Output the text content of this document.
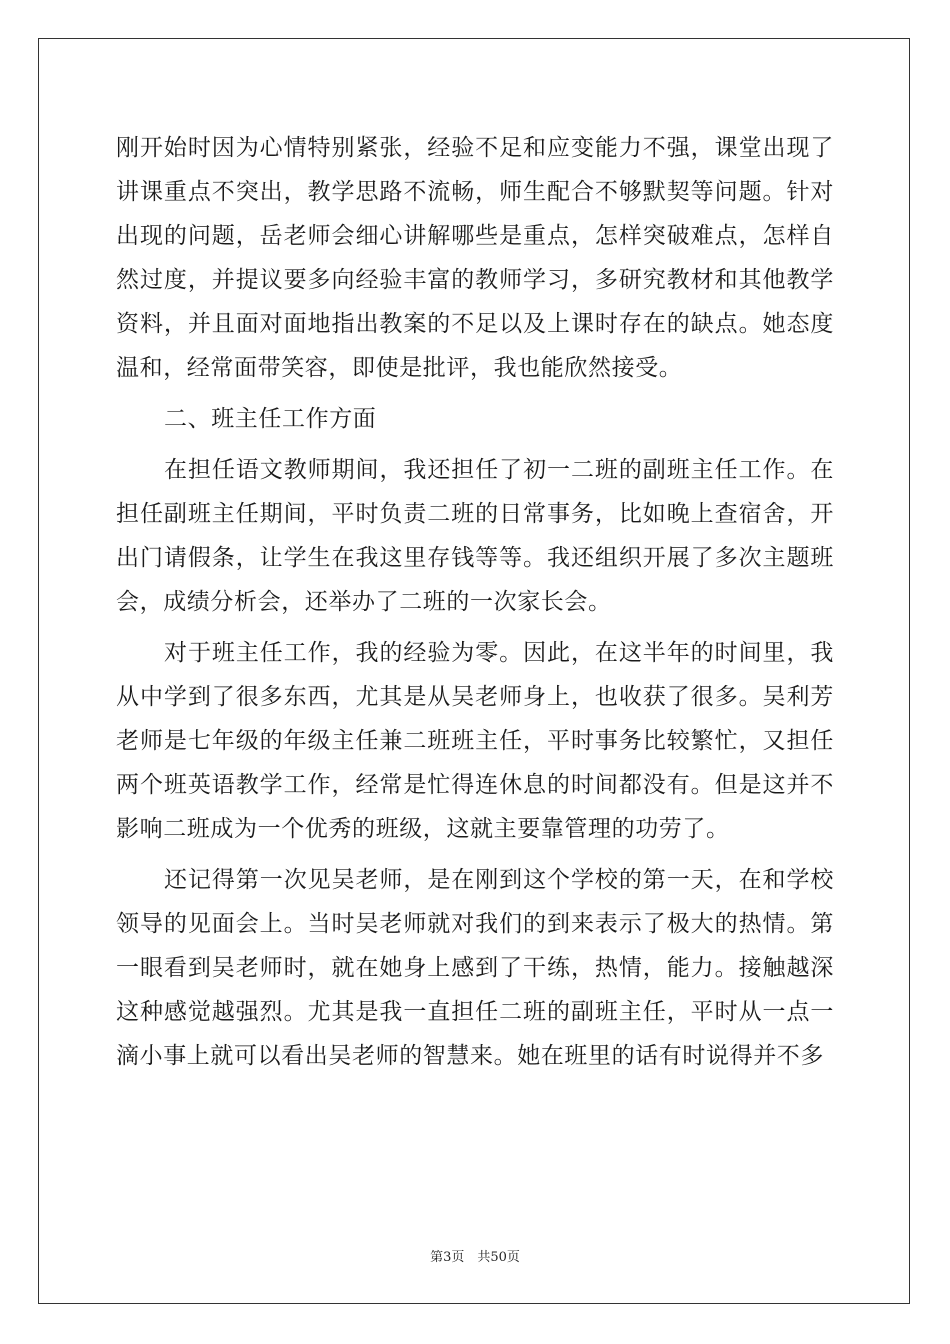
刚开始时因为心情特别紧张，经验不足和应变能力不强，课堂出现了讲课重点不突出，教学思路不流畅，师生配合不够默契等问题。针对出现的问题，岳老师会细心讲解哪些是重点，怎样突破难点，怎样自然过度，并提议要多向经验丰富的教师学习，多研究教材和其他教学资料，并且面对面地指出教案的不足以及上课时存在的缺点。她态度温和，经常面带笑容，即使是批评，我也能欣然接受。

二、班主任工作方面

在担任语文教师期间，我还担任了初一二班的副班主任工作。在担任副班主任期间，平时负责二班的日常事务，比如晚上查宿舍，开出门请假条，让学生在我这里存钱等等。我还组织开展了多次主题班会，成绩分析会，还举办了二班的一次家长会。

对于班主任工作，我的经验为零。因此，在这半年的时间里，我从中学到了很多东西，尤其是从吴老师身上，也收获了很多。吴利芳老师是七年级的年级主任兼二班班主任，平时事务比较繁忙，又担任两个班英语教学工作，经常是忙得连休息的时间都没有。但是这并不影响二班成为一个优秀的班级，这就主要靠管理的功劳了。

还记得第一次见吴老师，是在刚到这个学校的第一天，在和学校领导的见面会上。当时吴老师就对我们的到来表示了极大的热情。第一眼看到吴老师时，就在她身上感到了干练，热情，能力。接触越深这种感觉越强烈。尤其是我一直担任二班的副班主任，平时从一点一滴小事上就可以看出吴老师的智慧来。她在班里的话有时说得并不多

第3页　共50页
